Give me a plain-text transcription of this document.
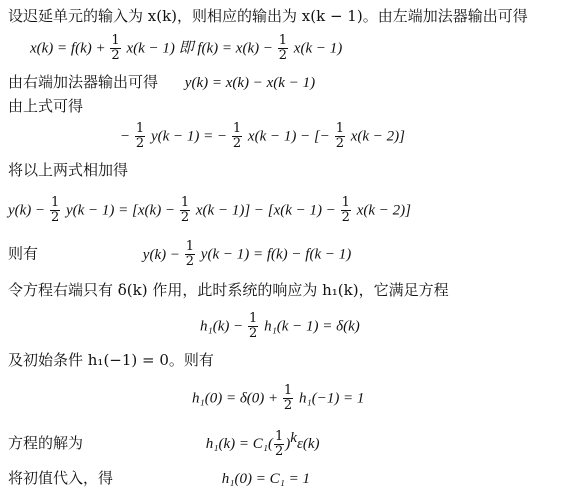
设迟延单元的输入为 x(k)，则相应的输出为 x(k − 1)。由左端加法器输出可得
$x(k) = f(k) + \frac{1}{2} x(k - 1)$ 即 $f(k) = x(k) - \frac{1}{2} x(k - 1)$
由右端加法器输出可得 y(k) = x(k) − x(k − 1)
由上式可得
− $\frac{1}{2} y(k - 1)$ = − $\frac{1}{2} x(k - 1)$ − [− $\frac{1}{2} x(k - 2)$]
将以上两式相加得
$y(k) - \frac{1}{2} y(k - 1) = [x(k) - \frac{1}{2} x(k - 1)] - [x(k - 1) - \frac{1}{2} x(k - 2)]$
则有	$y(k) - \frac{1}{2} y(k - 1) = f(k) - f(k - 1)$
令方程右端只有 δ(k) 作用，此时系统的响应为 h₁(k)，它满足方程
$h_1(k) - \frac{1}{2} h_1(k - 1) = \delta(k)$
及初始条件 h₁(−1) = 0。则有
$h_1(0) = \delta(0) + \frac{1}{2} h_1(-1) = 1$
方程的解为	$h_1(k) = C_1( \frac{1}{2} )^k\varepsilon(k)$
将初值代入，得	h₁(0) = C₁ = 1
